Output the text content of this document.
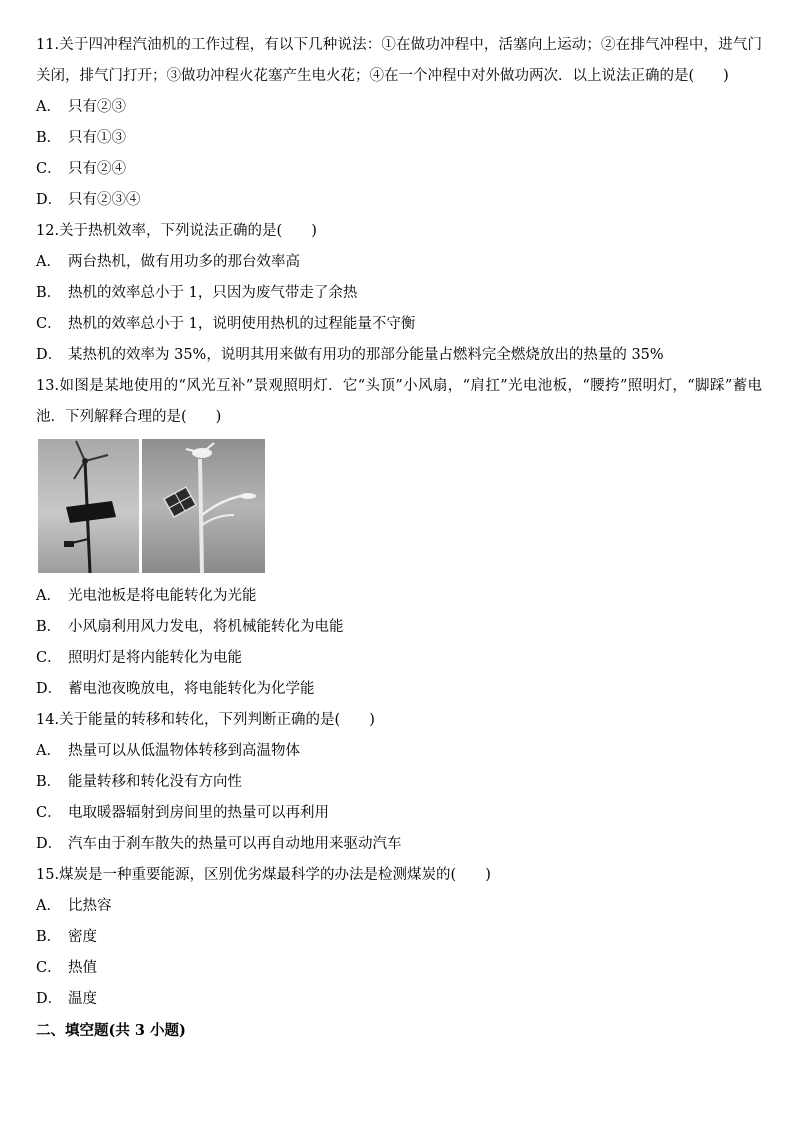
11.关于四冲程汽油机的工作过程，有以下几种说法：①在做功冲程中，活塞向上运动；②在排气冲程中，进气门关闭，排气门打开；③做功冲程火花塞产生电火花；④在一个冲程中对外做功两次．以上说法正确的是(　　)
A． 只有②③
B． 只有①③
C． 只有②④
D． 只有②③④
12.关于热机效率，下列说法正确的是(　　)
A． 两台热机，做有用功多的那台效率高
B． 热机的效率总小于 1，只因为废气带走了余热
C． 热机的效率总小于 1，说明使用热机的过程能量不守衡
D． 某热机的效率为 35%，说明其用来做有用功的那部分能量占燃料完全燃烧放出的热量的 35%
13.如图是某地使用的“风光互补”景观照明灯．它“头顶”小风扇，“肩扛”光电池板，“腰挎”照明灯，“脚踩”蓄电池．下列解释合理的是(　　)
A． 光电池板是将电能转化为光能
B． 小风扇利用风力发电，将机械能转化为电能
C． 照明灯是将内能转化为电能
D． 蓄电池夜晚放电，将电能转化为化学能
14.关于能量的转移和转化，下列判断正确的是(　　)
A． 热量可以从低温物体转移到高温物体
B． 能量转移和转化没有方向性
C． 电取暖器辐射到房间里的热量可以再利用
D． 汽车由于刹车散失的热量可以再自动地用来驱动汽车
15.煤炭是一种重要能源，区别优劣煤最科学的办法是检测煤炭的(　　)
A． 比热容
B． 密度
C． 热值
D． 温度
二、填空题(共 3 小题)
